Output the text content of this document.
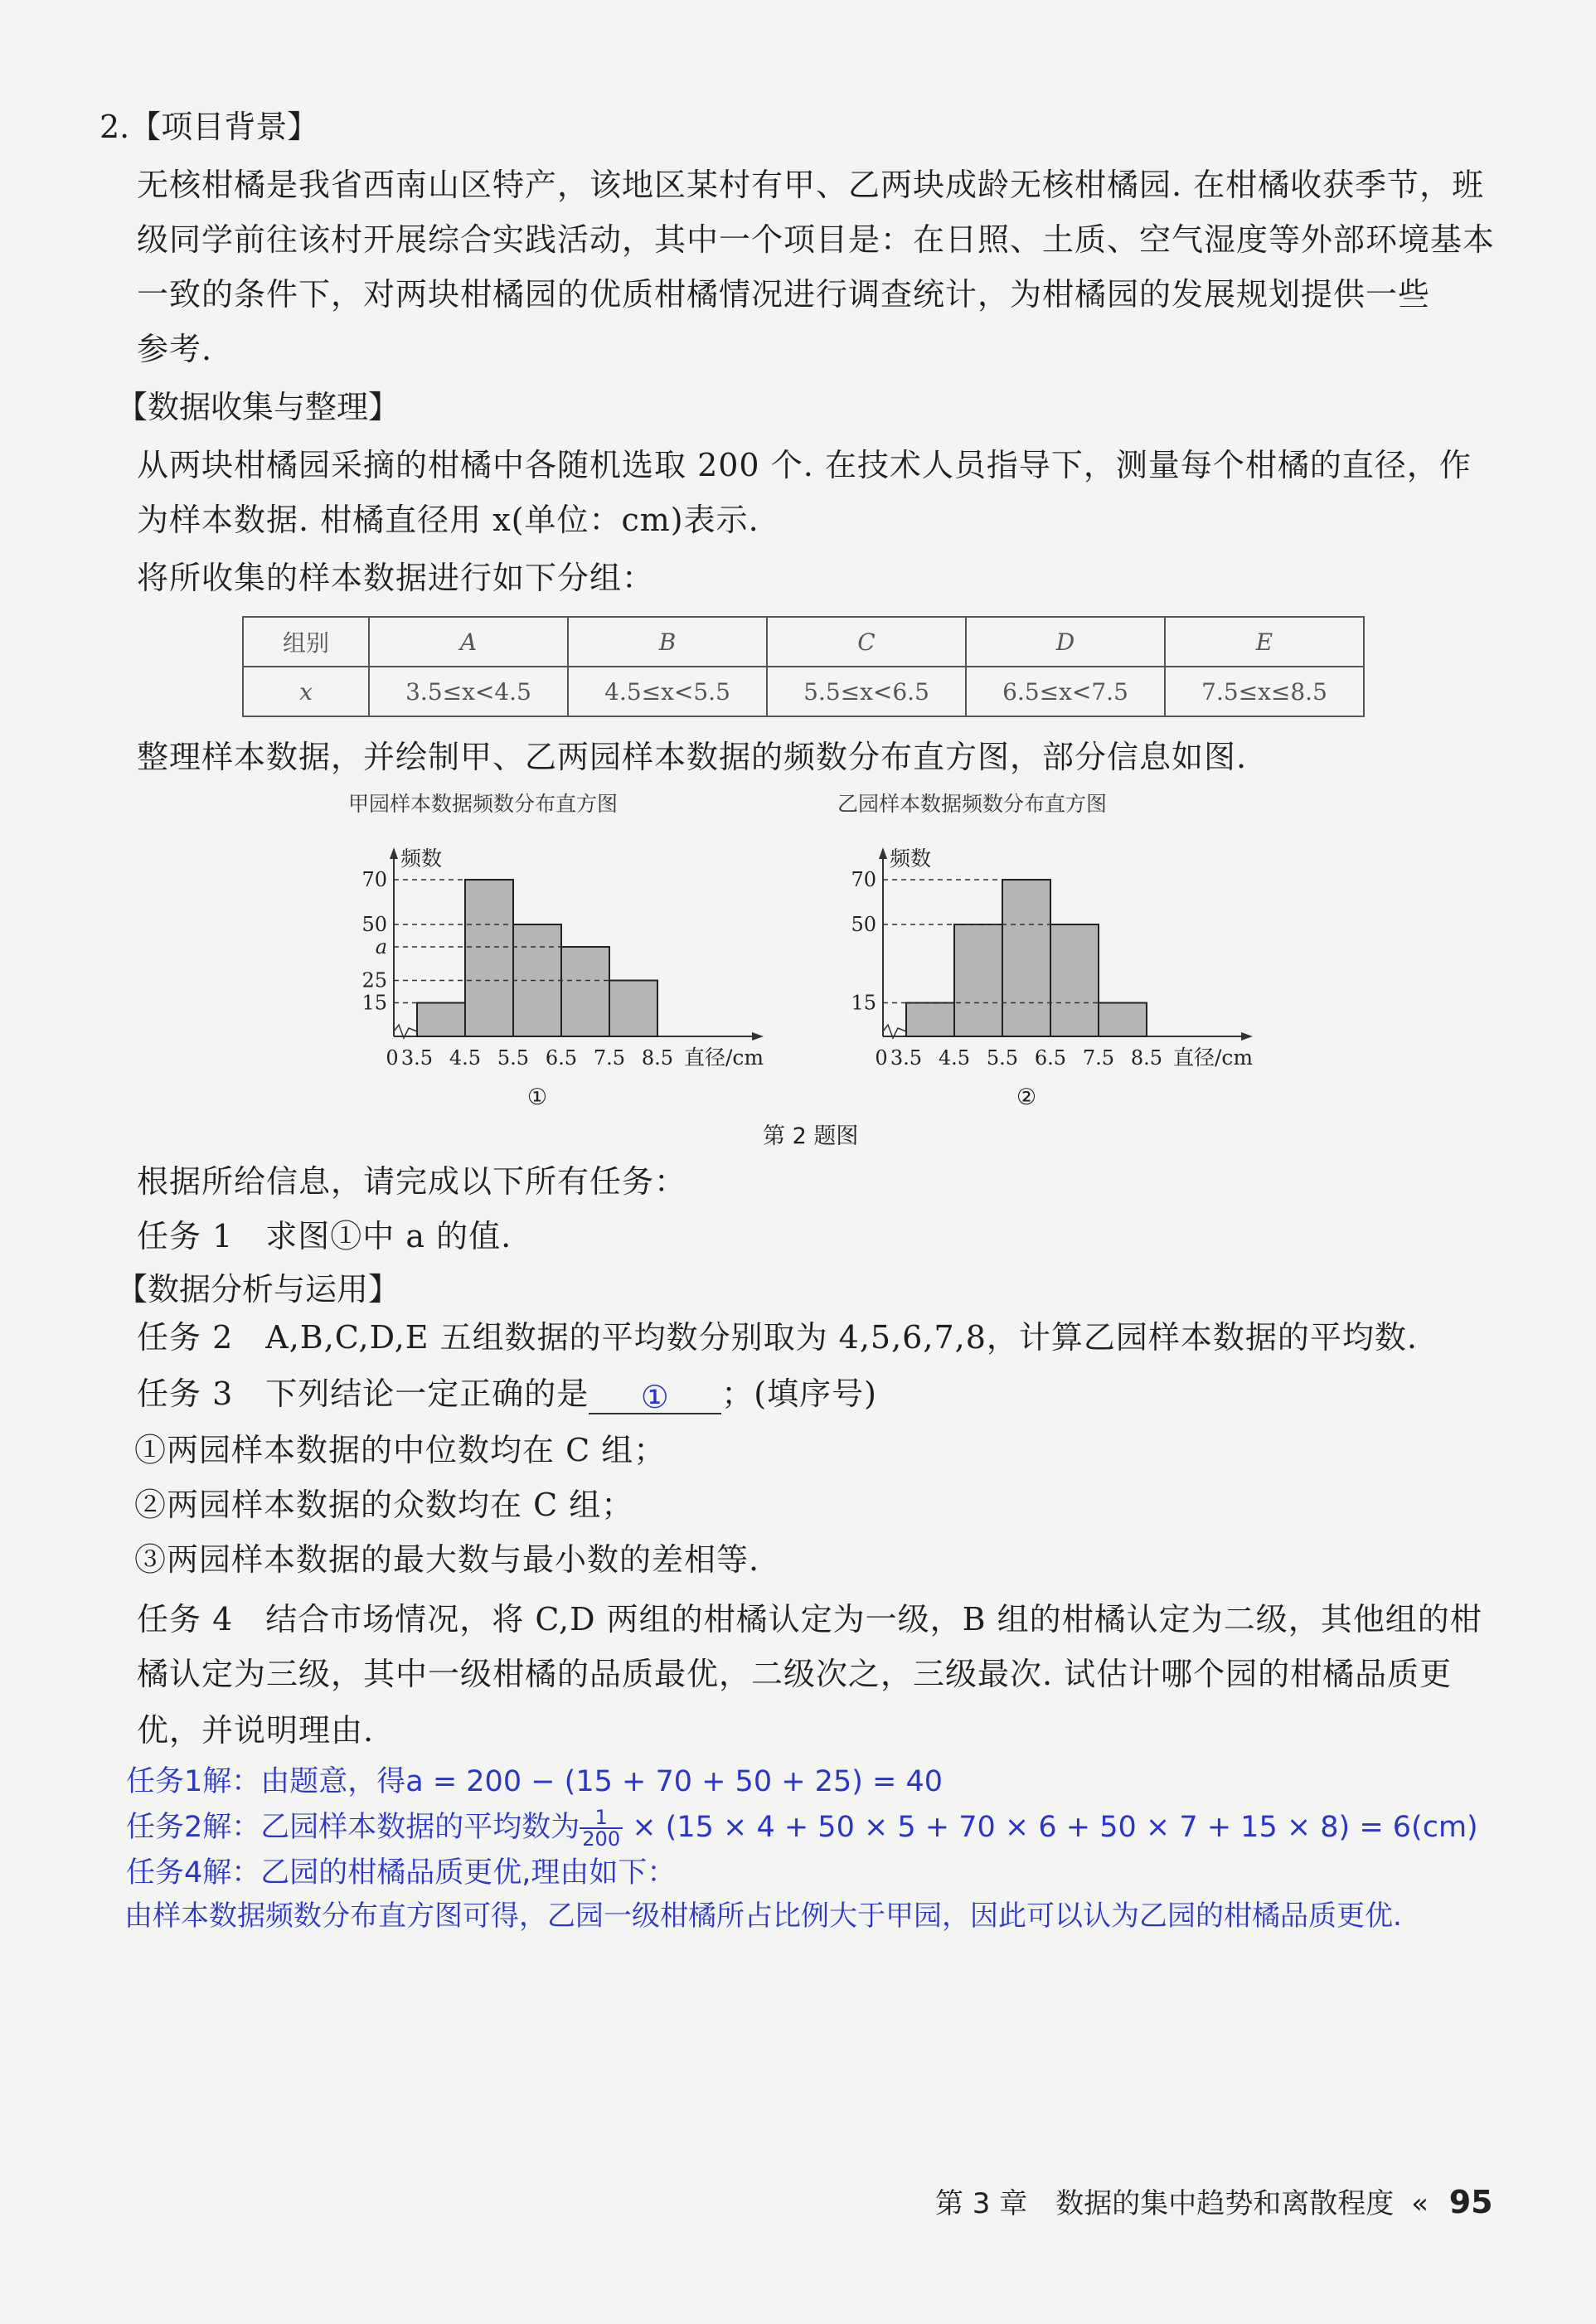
2.【项目背景】
无核柑橘是我省西南山区特产，该地区某村有甲、乙两块成龄无核柑橘园. 在柑橘收获季节，班
级同学前往该村开展综合实践活动，其中一个项目是：在日照、土质、空气湿度等外部环境基本
一致的条件下，对两块柑橘园的优质柑橘情况进行调查统计，为柑橘园的发展规划提供一些
参考.
【数据收集与整理】
从两块柑橘园采摘的柑橘中各随机选取 200 个. 在技术人员指导下，测量每个柑橘的直径，作
为样本数据. 柑橘直径用 x(单位：cm)表示.
将所收集的样本数据进行如下分组：
组别	A	B	C	D	E
x	3.5≤x<4.5	4.5≤x<5.5	5.5≤x<6.5	6.5≤x<7.5	7.5≤x≤8.5
整理样本数据，并绘制甲、乙两园样本数据的频数分布直方图，部分信息如图.
甲园样本数据频数分布直方图
频数
15
25
a
50
70
0 3.5 4.5 5.5 6.5 7.5 8.5 直径/cm
①
乙园样本数据频数分布直方图
频数
15
50
70
0 3.5 4.5 5.5 6.5 7.5 8.5 直径/cm
②
第 2 题图
根据所给信息，请完成以下所有任务：
任务 1　求图①中 a 的值.
【数据分析与运用】
任务 2　A,B,C,D,E 五组数据的平均数分别取为 4,5,6,7,8，计算乙园样本数据的平均数.
任务 3　下列结论一定正确的是 ① ；(填序号)
①两园样本数据的中位数均在 C 组；
②两园样本数据的众数均在 C 组；
③两园样本数据的最大数与最小数的差相等.
任务 4　结合市场情况，将 C,D 两组的柑橘认定为一级，B 组的柑橘认定为二级，其他组的柑
橘认定为三级，其中一级柑橘的品质最优，二级次之，三级最次. 试估计哪个园的柑橘品质更
优，并说明理由.
任务1解：由题意，得a = 200 − (15 + 70 + 50 + 25) = 40
任务2解：乙园样本数据的平均数为 $\frac{1}{200} \times (15 \times 4 + 50 \times 5 + 70 \times 6 + 50 \times 7 + 15 \times 8) = 6(cm)$
任务4解：乙园的柑橘品质更优,理由如下：
由样本数据频数分布直方图可得，乙园一级柑橘所占比例大于甲园，因此可以认为乙园的柑橘品质更优.
第 3 章　数据的集中趋势和离散程度 « 95
